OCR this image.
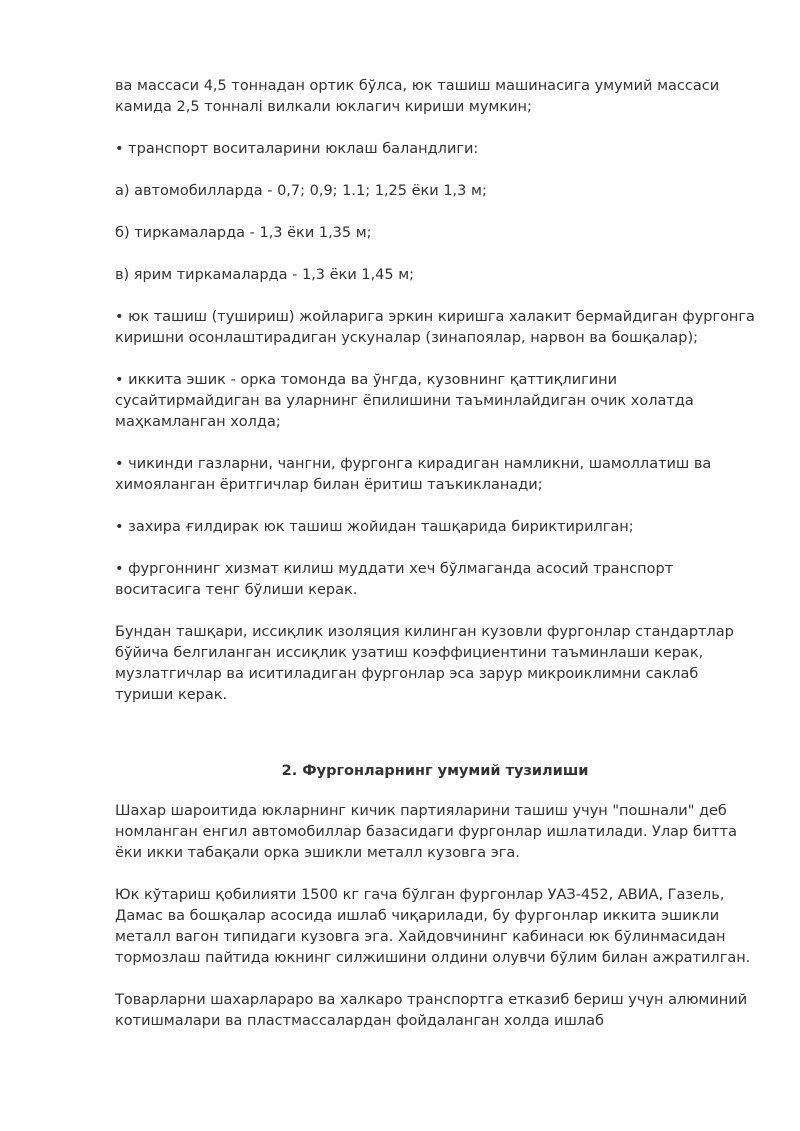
ва массаси 4,5 тоннадан ортик бўлса, юк ташиш машинасига умумий массаси камида 2,5 тонналi вилкали юклагич кириши мумкин;

• транспорт воситаларини юклаш баландлиги:

а) автомобилларда - 0,7; 0,9; 1.1; 1,25 ёки 1,3 м;

б) тиркамаларда - 1,3 ёки 1,35 м;

в) ярим тиркамаларда - 1,3 ёки 1,45 м;

• юк ташиш (тушириш) жойларига эркин киришга халакит бермайдиган фургонга киришни осонлаштирадиган ускуналар (зинапоялар, нарвон ва бошқалар);

• иккита эшик - орка томонда ва ўнгда, кузовнинг қаттиқлигини сусайтирмайдиган ва уларнинг ёпилишини таъминлайдиган очик холатда маҳкамланган холда;

• чикинди газларни, чангни, фургонга кирадиган намликни, шамоллатиш ва химояланган ёритгичлар билан ёритиш таъкикланади;

• захира ғилдирак юк ташиш жойидан ташқарида бириктирилган;

• фургоннинг хизмат килиш муддати хеч бўлмаганда асосий транспорт воситасига тенг бўлиши керак.

Бундан ташқари, иссиқлик изоляция килинган кузовли фургонлар стандартлар бўйича белгиланган иссиқлик узатиш коэффициентини таъминлаши керак, музлатгичлар ва иситиладиган фургонлар эса зарур микроиклимни саклаб туриши керак.

2. Фургонларнинг умумий тузилиши

Шахар шароитида юкларнинг кичик партияларини ташиш учун "пошнали" деб номланган енгил автомобиллар базасидаги фургонлар ишлатилади. Улар битта ёки икки табақали орка эшикли металл кузовга эга.

Юк кўтариш қобилияти 1500 кг гача бўлган фургонлар УАЗ-452, АВИА, Газель, Дамас ва бошқалар асосида ишлаб чиқарилади, бу фургонлар иккита эшикли металл вагон типидаги кузовга эга. Хайдовчининг кабинаси юк бўлинмасидан тормозлаш пайтида юкнинг силжишини олдини олувчи бўлим билан ажратилган.

Товарларни шахарлараро ва халкаро транспортга етказиб бериш учун алюминий котишмалари ва пластмассалардан фойдаланган холда ишлаб
